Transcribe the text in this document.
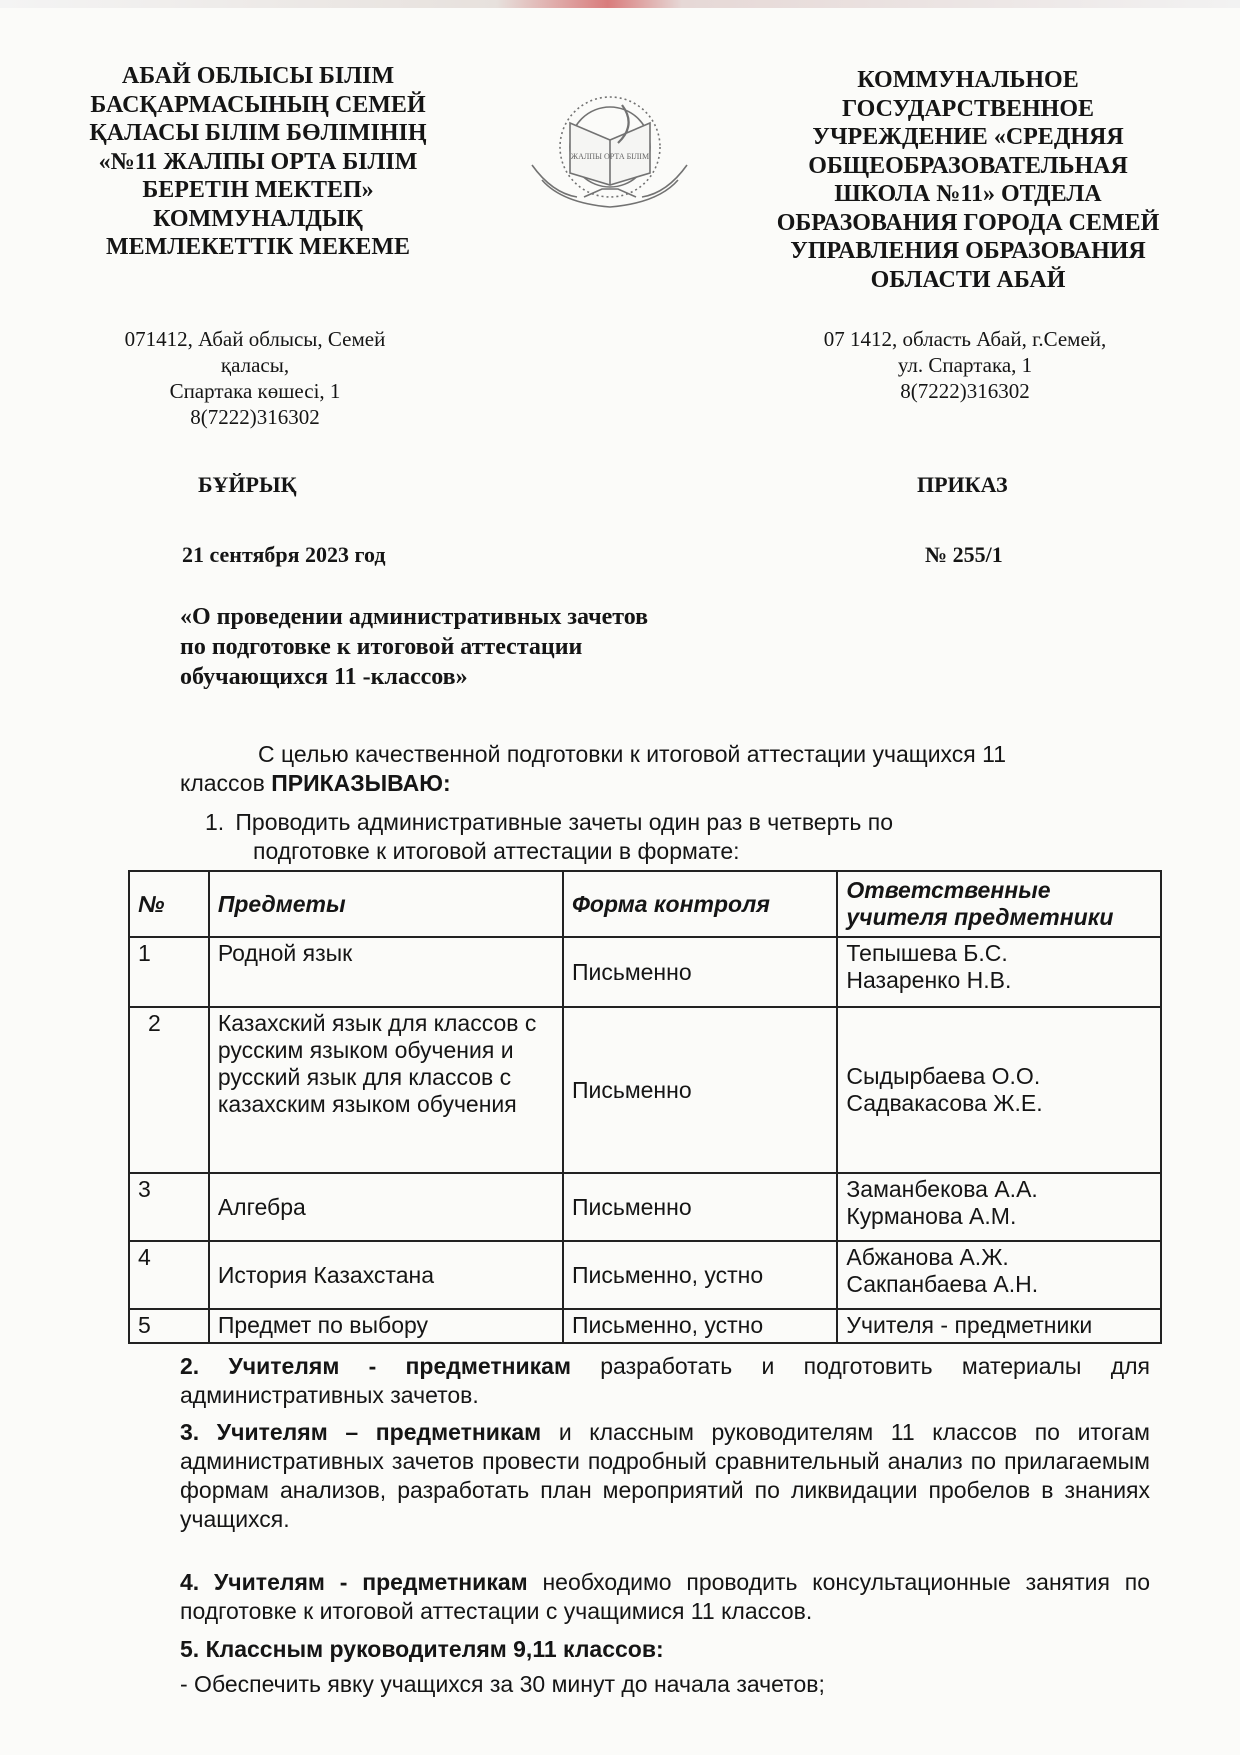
АБАЙ ОБЛЫСЫ БІЛІМ
БАСҚАРМАСЫНЫҢ СЕМЕЙ
ҚАЛАСЫ БІЛІМ БӨЛІМІНІҢ
«№11 ЖАЛПЫ ОРТА БІЛІМ
БЕРЕТІН МЕКТЕП»
КОММУНАЛДЫҚ
МЕМЛЕКЕТТІК МЕКЕМЕ
ЖАЛПЫ ОРТА БІЛІМ
КОММУНАЛЬНОЕ
ГОСУДАРСТВЕННОЕ
УЧРЕЖДЕНИЕ «СРЕДНЯЯ
ОБЩЕОБРАЗОВАТЕЛЬНАЯ
ШКОЛА №11» ОТДЕЛА
ОБРАЗОВАНИЯ ГОРОДА СЕМЕЙ
УПРАВЛЕНИЯ ОБРАЗОВАНИЯ
ОБЛАСТИ АБАЙ
071412, Абай облысы, Семей
қаласы,
Спартака көшесі, 1
8(7222)316302
07 1412, область Абай, г.Семей,
ул. Спартака, 1
8(7222)316302
БҰЙРЫҚ	ПРИКАЗ
21 сентября 2023 год	№ 255/1
«О проведении административных зачетов
по подготовке к итоговой аттестации
обучающихся 11 -классов»
С целью качественной подготовки к итоговой аттестации учащихся 11
классов ПРИКАЗЫВАЮ:
1. Проводить административные зачеты один раз в четверть по
подготовке к итоговой аттестации в формате:
№	Предметы	Форма контроля	Ответственные учителя предметники
1	Родной язык	Письменно	Тепышева Б.С.
Назаренко Н.В.

2	Казахский язык для классов с русским языком обучения и русский язык для классов с казахским языком обучения	Письменно	Сыдырбаева О.О.
Садвакасова Ж.Е.

3	Алгебра	Письменно	Заманбекова А.А.
Курманова А.М.

4	История Казахстана	Письменно, устно	Абжанова А.Ж.
Сакпанбаева А.Н.

5	Предмет по выбору	Письменно, устно	Учителя - предметники
2. Учителям - предметникам разработать и подготовить материалы для административных зачетов.
3. Учителям – предметникам и классным руководителям 11 классов по итогам административных зачетов провести подробный сравнительный анализ по прилагаемым формам анализов, разработать план мероприятий по ликвидации пробелов в знаниях учащихся.
4. Учителям - предметникам необходимо проводить консультационные занятия по подготовке к итоговой аттестации с учащимися 11 классов.
5. Классным руководителям 9,11 классов:
- Обеспечить явку учащихся за 30 минут до начала зачетов;
